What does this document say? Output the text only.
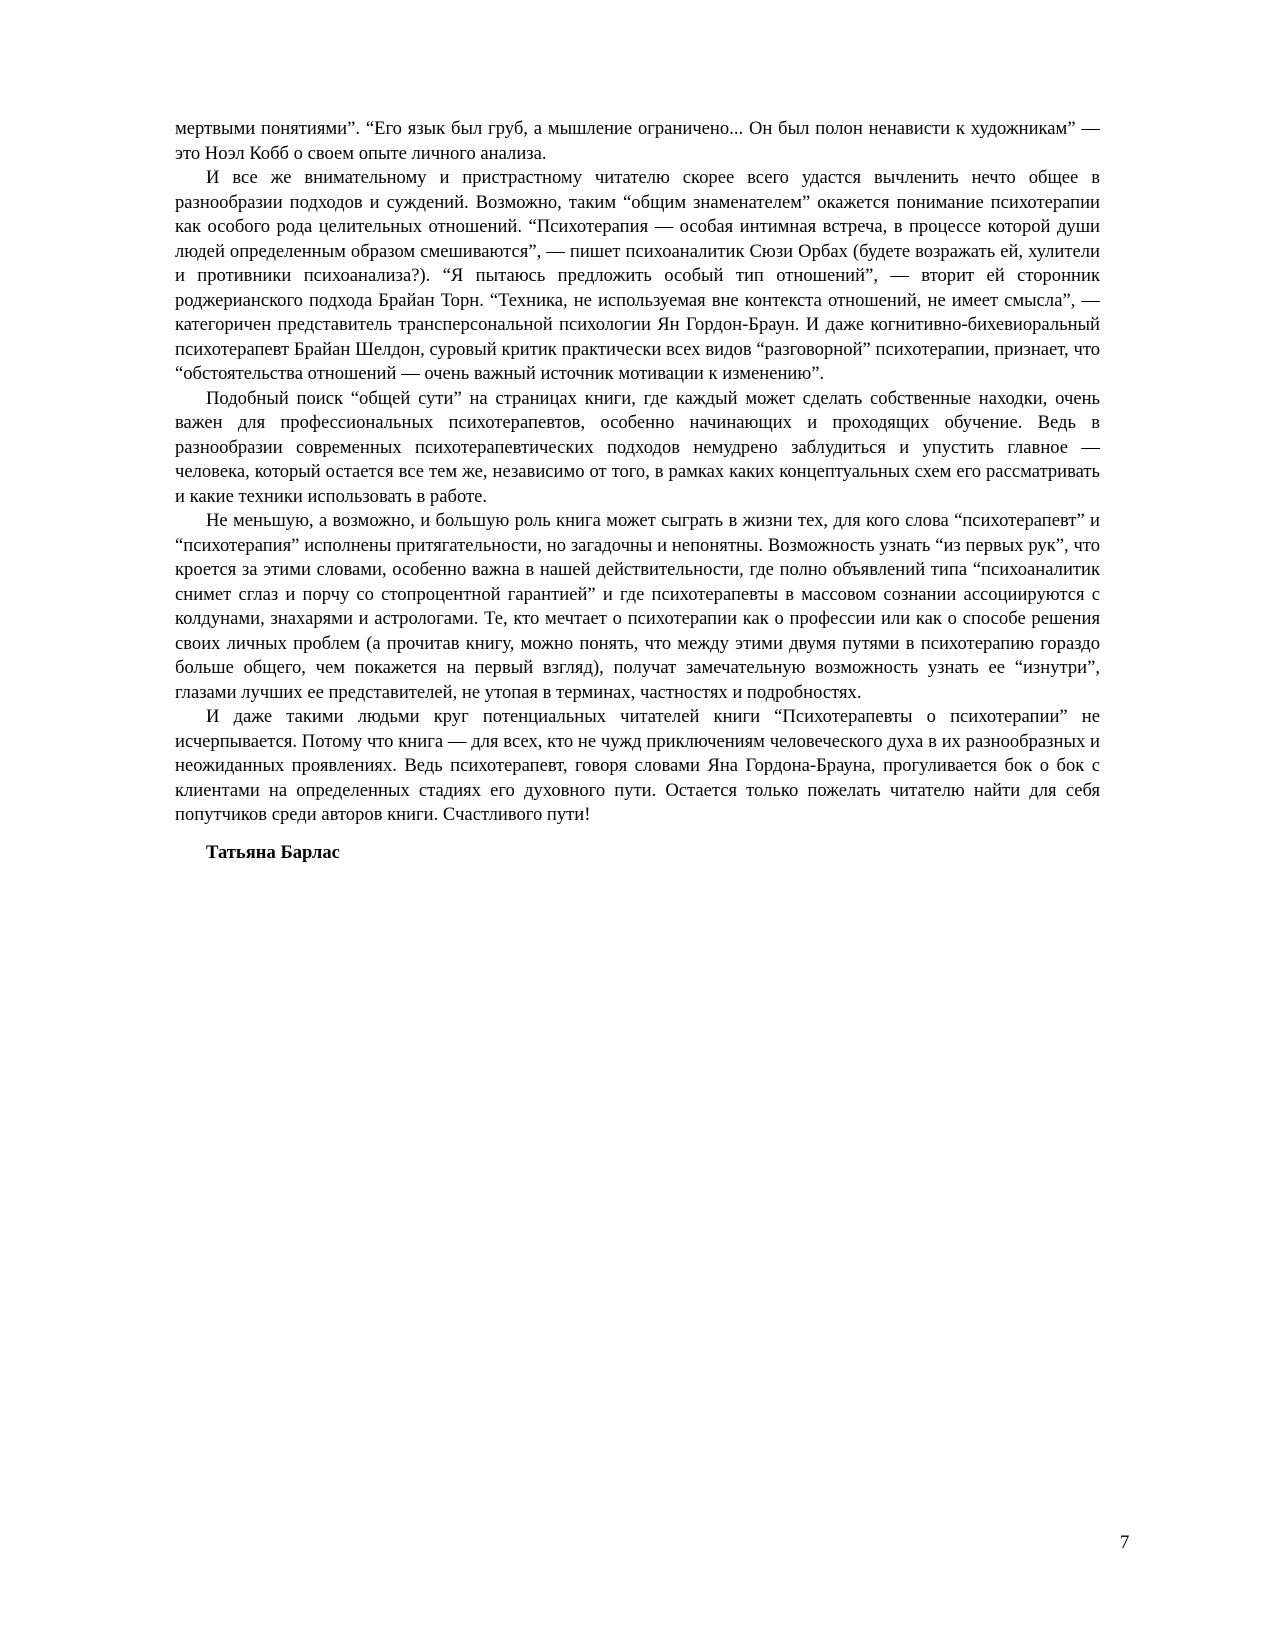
мертвыми понятиями”. “Его язык был груб, а мышление ограничено... Он был полон ненависти к художникам” — это Ноэл Кобб о своем опыте личного анализа.

И все же внимательному и пристрастному читателю скорее всего удастся вычленить нечто общее в разнообразии подходов и суждений. Возможно, таким “общим знаменателем” окажется понимание психотерапии как особого рода целительных отношений. “Психотерапия — особая интимная встреча, в процессе которой души людей определенным образом смешиваются”, — пишет психоаналитик Сюзи Орбах (будете возражать ей, хулители и противники психоанализа?). “Я пытаюсь предложить особый тип отношений”, — вторит ей сторонник роджерианского подхода Брайан Торн. “Техника, не используемая вне контекста отношений, не имеет смысла”, — категоричен представитель трансперсональной психологии Ян Гордон-Браун. И даже когнитивно-бихевиоральный психотерапевт Брайан Шелдон, суровый критик практически всех видов “разговорной” психотерапии, признает, что “обстоятельства отношений — очень важный источник мотивации к изменению”.

Подобный поиск “общей сути” на страницах книги, где каждый может сделать собственные находки, очень важен для профессиональных психотерапевтов, особенно начинающих и проходящих обучение. Ведь в разнообразии современных психотерапевтических подходов немудрено заблудиться и упустить главное — человека, который остается все тем же, независимо от того, в рамках каких концептуальных схем его рассматривать и какие техники использовать в работе.

Не меньшую, а возможно, и большую роль книга может сыграть в жизни тех, для кого слова “психотерапевт” и “психотерапия” исполнены притягательности, но загадочны и непонятны. Возможность узнать “из первых рук”, что кроется за этими словами, особенно важна в нашей действительности, где полно объявлений типа “психоаналитик снимет сглаз и порчу со стопроцентной гарантией” и где психотерапевты в массовом сознании ассоциируются с колдунами, знахарями и астрологами. Те, кто мечтает о психотерапии как о профессии или как о способе решения своих личных проблем (а прочитав книгу, можно понять, что между этими двумя путями в психотерапию гораздо больше общего, чем покажется на первый взгляд), получат замечательную возможность узнать ее “изнутри”, глазами лучших ее представителей, не утопая в терминах, частностях и подробностях.

И даже такими людьми круг потенциальных читателей книги “Психотерапевты о психотерапии” не исчерпывается. Потому что книга — для всех, кто не чужд приключениям человеческого духа в их разнообразных и неожиданных проявлениях. Ведь психотерапевт, говоря словами Яна Гордона-Брауна, прогуливается бок о бок с клиентами на определенных стадиях его духовного пути. Остается только пожелать читателю найти для себя попутчиков среди авторов книги. Счастливого пути!

Татьяна Барлас

7
